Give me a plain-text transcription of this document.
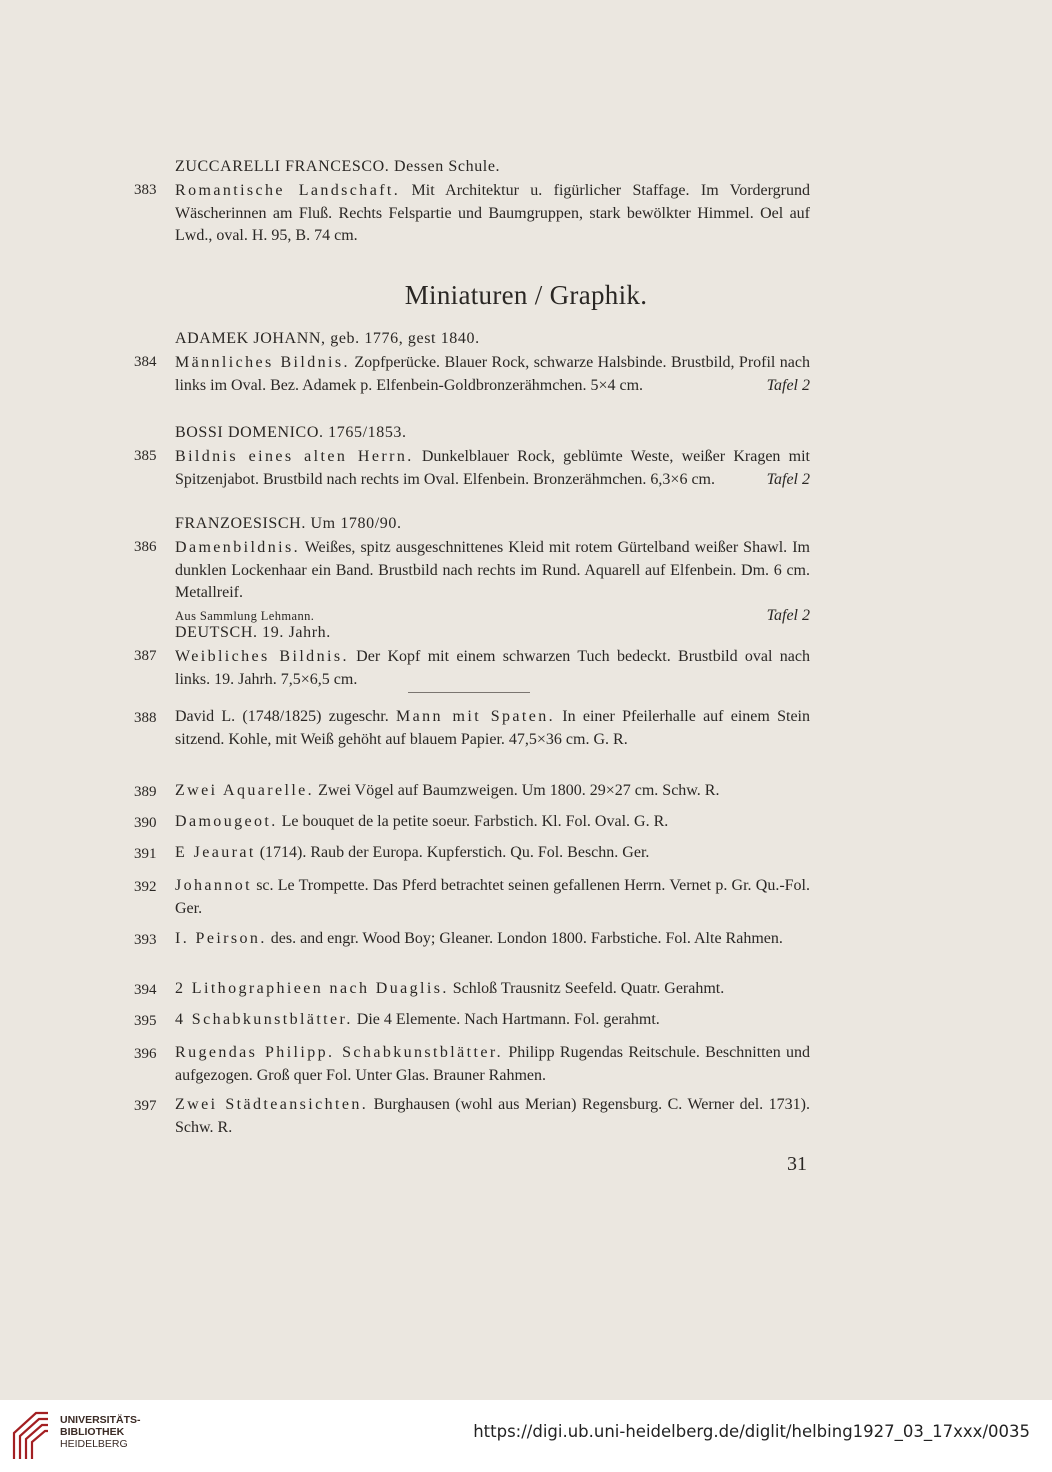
ZUCCARELLI FRANCESCO. Dessen Schule.
383 Romantische Landschaft. Mit Architektur u. figürlicher Staffage. Im Vordergrund Wäscherinnen am Fluß. Rechts Felspartie und Baumgruppen, stark bewölkter Himmel. Oel auf Lwd., oval. H. 95, B. 74 cm.
Miniaturen / Graphik.
ADAMEK JOHANN, geb. 1776, gest 1840.
384 Männliches Bildnis. Zopfperücke. Blauer Rock, schwarze Halsbinde. Brustbild, Profil nach links im Oval. Bez. Adamek p. Elfenbein-Goldbronzerähmchen. 5×4 cm.	Tafel 2
BOSSI DOMENICO. 1765/1853.
385 Bildnis eines alten Herrn. Dunkelblauer Rock, geblümte Weste, weißer Kragen mit Spitzenjabot. Brustbild nach rechts im Oval. Elfenbein. Bronzerähmchen. 6,3×6 cm.	Tafel 2
FRANZOESISCH. Um 1780/90.
386 Damenbildnis. Weißes, spitz ausgeschnittenes Kleid mit rotem Gürtelband weißer Shawl. Im dunklen Lockenhaar ein Band. Brustbild nach rechts im Rund. Aquarell auf Elfenbein. Dm. 6 cm. Metallreif.
Aus Sammlung Lehmann.	Tafel 2
DEUTSCH. 19. Jahrh.
387 Weibliches Bildnis. Der Kopf mit einem schwarzen Tuch bedeckt. Brustbild oval nach links. 19. Jahrh. 7,5×6,5 cm.
388 David L. (1748/1825) zugeschr. Mann mit Spaten. In einer Pfeilerhalle auf einem Stein sitzend. Kohle, mit Weiß gehöht auf blauem Papier. 47,5×36 cm. G. R.
389 Zwei Aquarelle. Zwei Vögel auf Baumzweigen. Um 1800. 29×27 cm. Schw. R.
390 Damougeot. Le bouquet de la petite soeur. Farbstich. Kl. Fol. Oval. G. R.
391 E Jeaurat (1714). Raub der Europa. Kupferstich. Qu. Fol. Beschn. Ger.
392 Johannot sc. Le Trompette. Das Pferd betrachtet seinen gefallenen Herrn. Vernet p. Gr. Qu.-Fol. Ger.
393 I. Peirson. des. and engr. Wood Boy; Gleaner. London 1800. Farbstiche. Fol. Alte Rahmen.
394 2 Lithographieen nach Duaglis. Schloß Trausnitz Seefeld. Quatr. Gerahmt.
395 4 Schabkunstblätter. Die 4 Elemente. Nach Hartmann. Fol. gerahmt.
396 Rugendas Philipp. Schabkunstblätter. Philipp Rugendas Reitschule. Beschnitten und aufgezogen. Groß quer Fol. Unter Glas. Brauner Rahmen.
397 Zwei Städteansichten. Burghausen (wohl aus Merian) Regensburg. C. Werner del. 1731). Schw. R.
31
UNIVERSITÄTS-
BIBLIOTHEK
HEIDELBERG
https://digi.ub.uni-heidelberg.de/diglit/helbing1927_03_17xxx/0035
